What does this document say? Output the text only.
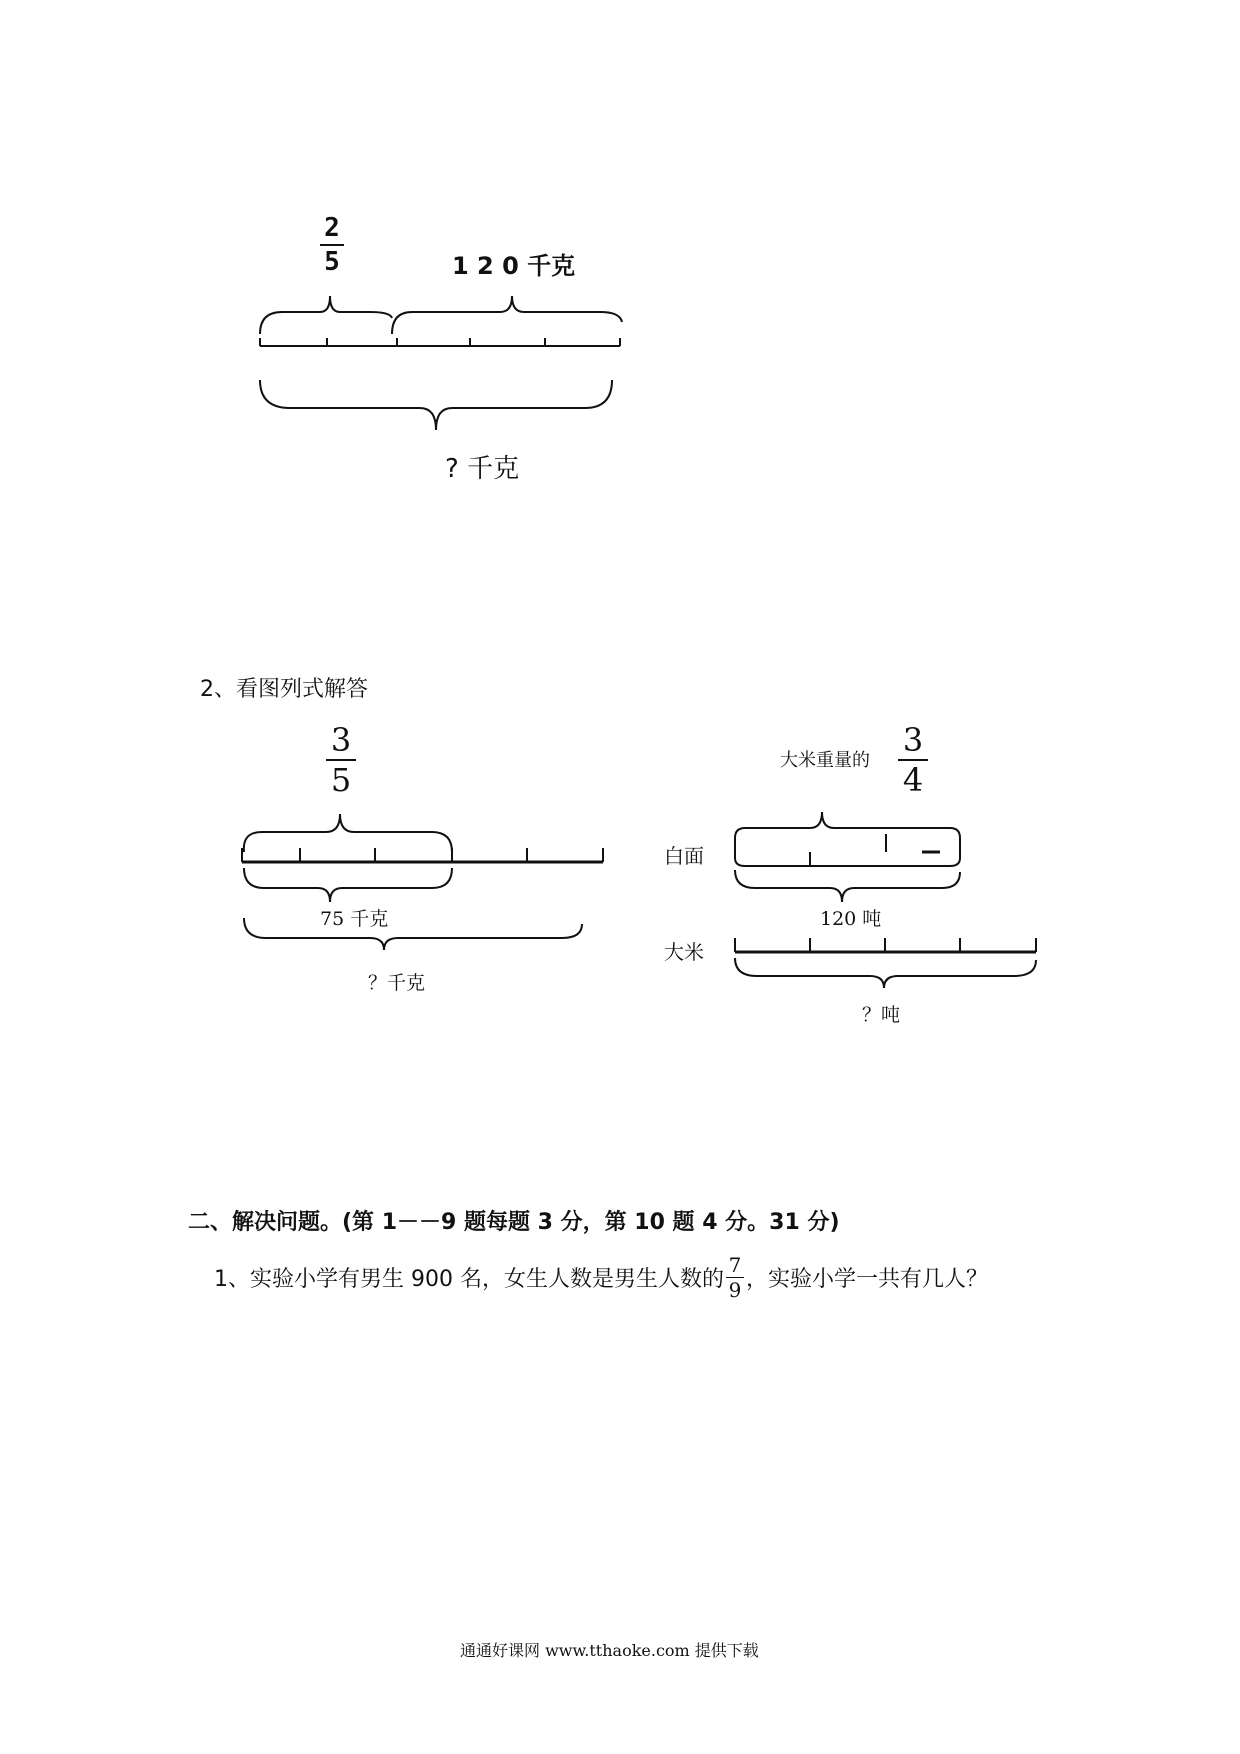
2
5	1 2 0 千克
? 千克
2、看图列式解答
3
5
75 千克
？千克
大米重量的
3
4
白面
120 吨
大米
？吨
二、解决问题。(第 1－－9 题每题 3 分，第 10 题 4 分。31 分)
1、实验小学有男生 900 名，女生人数是男生人数的
7
9 ，实验小学一共有几人？
通通好课网 www.tthaoke.com 提供下载
